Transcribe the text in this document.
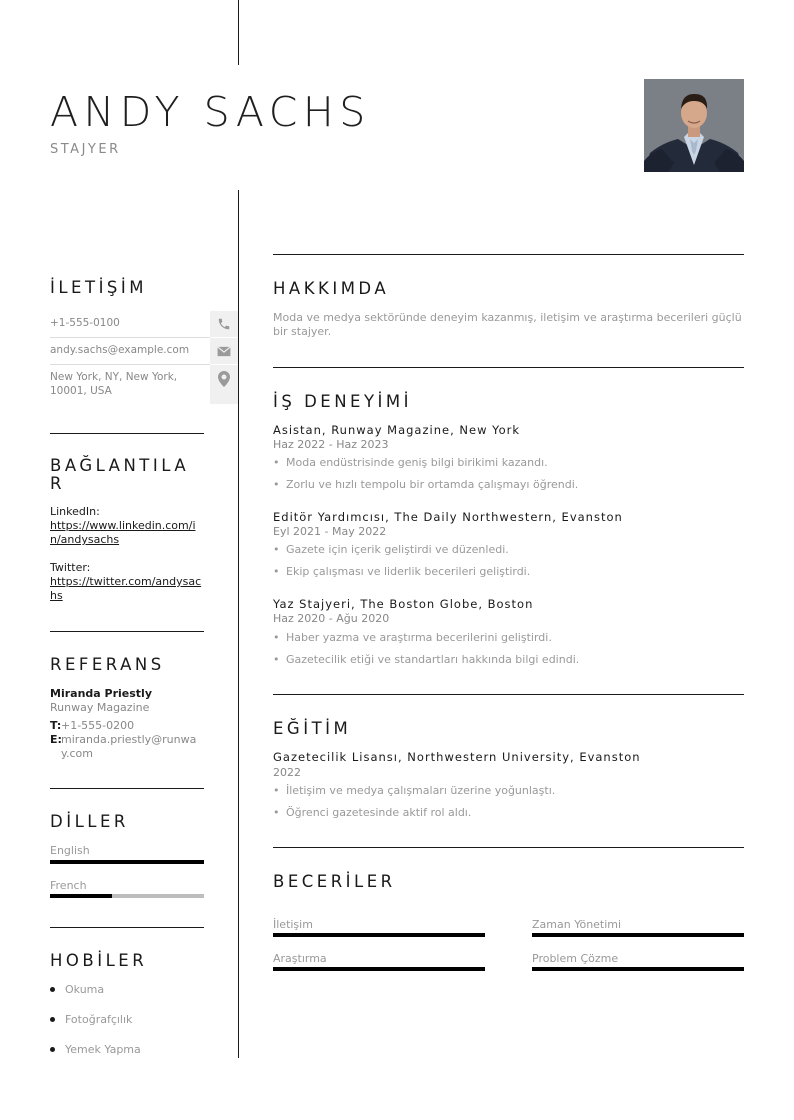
ANDY SACHS
STAJYER
İLETİŞİM
+1-555-0100
andy.sachs@example.com
New York, NY, New York, 10001, USA
BAĞLANTILA
R
LinkedIn:
https://www.linkedin.com/in/andysachs
Twitter:
https://twitter.com/andysachs
REFERANS
Miranda Priestly
Runway Magazine
T: +1-555-0200
E: miranda.priestly@runway.com
DİLLER
English
French
HOBİLER
Okuma
Fotoğrafçılık
Yemek Yapma
HAKKIMDA
Moda ve medya sektöründe deneyim kazanmış, iletişim ve araştırma becerileri güçlü bir stajyer.
İŞ DENEYİMİ
Asistan, Runway Magazine, New York
Haz 2022 - Haz 2023
• Moda endüstrisinde geniş bilgi birikimi kazandı.
• Zorlu ve hızlı tempolu bir ortamda çalışmayı öğrendi.
Editör Yardımcısı, The Daily Northwestern, Evanston
Eyl 2021 - May 2022
• Gazete için içerik geliştirdi ve düzenledi.
• Ekip çalışması ve liderlik becerileri geliştirdi.
Yaz Stajyeri, The Boston Globe, Boston
Haz 2020 - Ağu 2020
• Haber yazma ve araştırma becerilerini geliştirdi.
• Gazetecilik etiği ve standartları hakkında bilgi edindi.
EĞİTİM
Gazetecilik Lisansı, Northwestern University, Evanston
2022
• İletişim ve medya çalışmaları üzerine yoğunlaştı.
• Öğrenci gazetesinde aktif rol aldı.
BECERİLER
İletişim	Zaman Yönetimi
Araştırma	Problem Çözme
